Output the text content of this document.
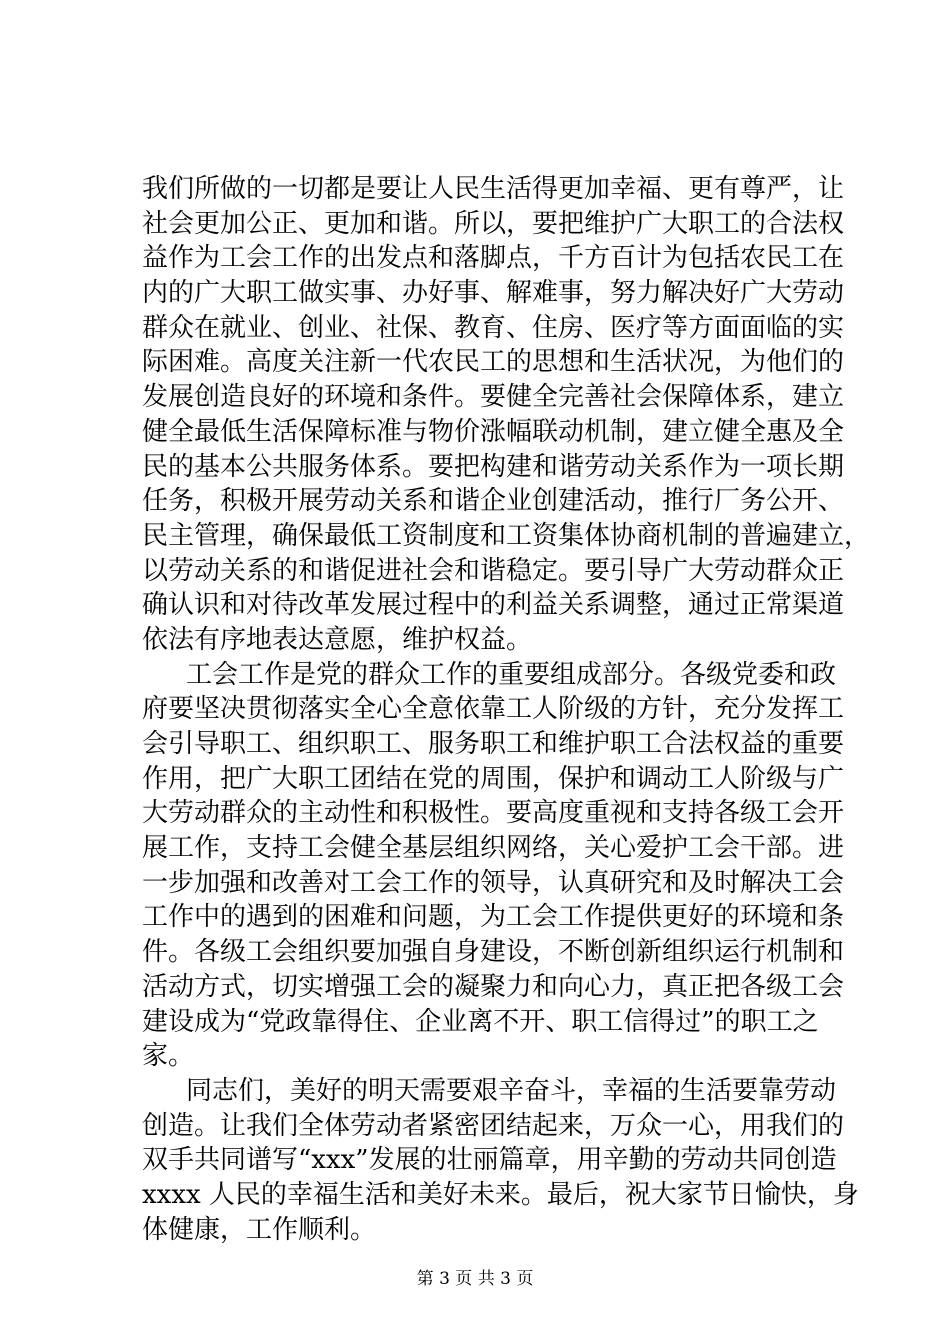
我们所做的一切都是要让人民生活得更加幸福、更有尊严，让
社会更加公正、更加和谐。所以，要把维护广大职工的合法权
益作为工会工作的出发点和落脚点，千方百计为包括农民工在
内的广大职工做实事、办好事、解难事，努力解决好广大劳动
群众在就业、创业、社保、教育、住房、医疗等方面面临的实
际困难。高度关注新一代农民工的思想和生活状况，为他们的
发展创造良好的环境和条件。要健全完善社会保障体系，建立
健全最低生活保障标准与物价涨幅联动机制，建立健全惠及全
民的基本公共服务体系。要把构建和谐劳动关系作为一项长期
任务，积极开展劳动关系和谐企业创建活动，推行厂务公开、
民主管理，确保最低工资制度和工资集体协商机制的普遍建立，
以劳动关系的和谐促进社会和谐稳定。要引导广大劳动群众正
确认识和对待改革发展过程中的利益关系调整，通过正常渠道
依法有序地表达意愿，维护权益。
工会工作是党的群众工作的重要组成部分。各级党委和政
府要坚决贯彻落实全心全意依靠工人阶级的方针，充分发挥工
会引导职工、组织职工、服务职工和维护职工合法权益的重要
作用，把广大职工团结在党的周围，保护和调动工人阶级与广
大劳动群众的主动性和积极性。要高度重视和支持各级工会开
展工作，支持工会健全基层组织网络，关心爱护工会干部。进
一步加强和改善对工会工作的领导，认真研究和及时解决工会
工作中的遇到的困难和问题，为工会工作提供更好的环境和条
件。各级工会组织要加强自身建设，不断创新组织运行机制和
活动方式，切实增强工会的凝聚力和向心力，真正把各级工会
建设成为“党政靠得住、企业离不开、职工信得过”的职工之
家。
同志们，美好的明天需要艰辛奋斗，幸福的生活要靠劳动
创造。让我们全体劳动者紧密团结起来，万众一心，用我们的
双手共同谱写“xxx”发展的壮丽篇章，用辛勤的劳动共同创造
xxxx 人民的幸福生活和美好未来。最后，祝大家节日愉快，身
体健康，工作顺利。
第 3 页 共 3 页
